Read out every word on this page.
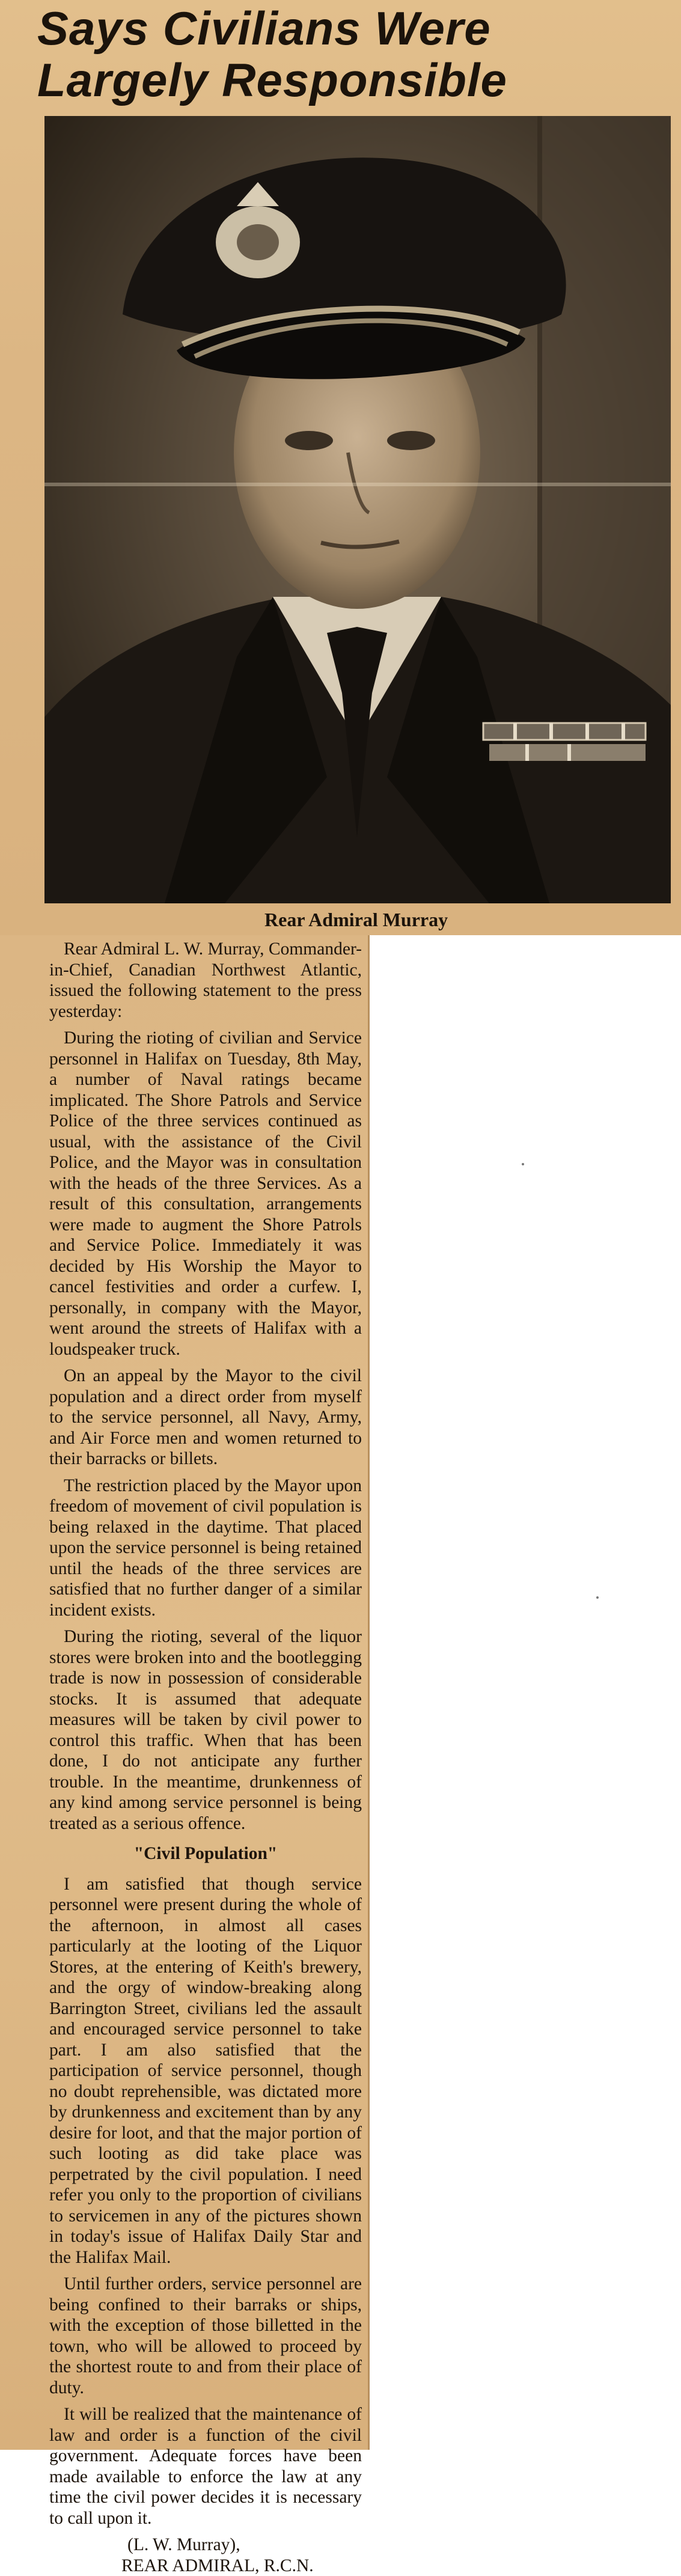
Says Civilians Were
Largely Responsible
Rear Admiral Murray

Rear Admiral L. W. Murray, Commander-in-Chief, Canadian Northwest Atlantic, issued the following statement to the press yesterday:

During the rioting of civilian and Service personnel in Halifax on Tuesday, 8th May, a number of Naval ratings became implicated. The Shore Patrols and Service Police of the three services continued as usual, with the assistance of the Civil Police, and the Mayor was in consultation with the heads of the three Services. As a result of this consultation, arrangements were made to augment the Shore Patrols and Service Police. Immediately it was decided by His Worship the Mayor to cancel festivities and order a curfew. I, personally, in company with the Mayor, went around the streets of Halifax with a loudspeaker truck.

On an appeal by the Mayor to the civil population and a direct order from myself to the service personnel, all Navy, Army, and Air Force men and women returned to their barracks or billets.

The restriction placed by the Mayor upon freedom of movement of civil population is being relaxed in the daytime. That placed upon the service personnel is being retained until the heads of the three services are satisfied that no further danger of a similar incident exists.

During the rioting, several of the liquor stores were broken into and the bootlegging trade is now in possession of considerable stocks. It is assumed that adequate measures will be taken by civil power to control this traffic. When that has been done, I do not anticipate any further trouble. In the meantime, drunkenness of any kind among service personnel is being treated as a serious offence.

"Civil Population"

I am satisfied that though service personnel were present during the whole of the afternoon, in almost all cases particularly at the looting of the Liquor Stores, at the entering of Keith's brewery, and the orgy of window-breaking along Barrington Street, civilians led the assault and encouraged service personnel to take part. I am also satisfied that the participation of service personnel, though no doubt reprehensible, was dictated more by drunkenness and excitement than by any desire for loot, and that the major portion of such looting as did take place was perpetrated by the civil population. I need refer you only to the proportion of civilians to servicemen in any of the pictures shown in today's issue of Halifax Daily Star and the Halifax Mail.

Until further orders, service personnel are being confined to their barraks or ships, with the exception of those billetted in the town, who will be allowed to proceed by the shortest route to and from their place of duty.

It will be realized that the maintenance of law and order is a function of the civil government. Adequate forces have been made available to enforce the law at any time the civil power decides it is necessary to call upon it.

(L. W. Murray),

REAR ADMIRAL, R.C.N.
